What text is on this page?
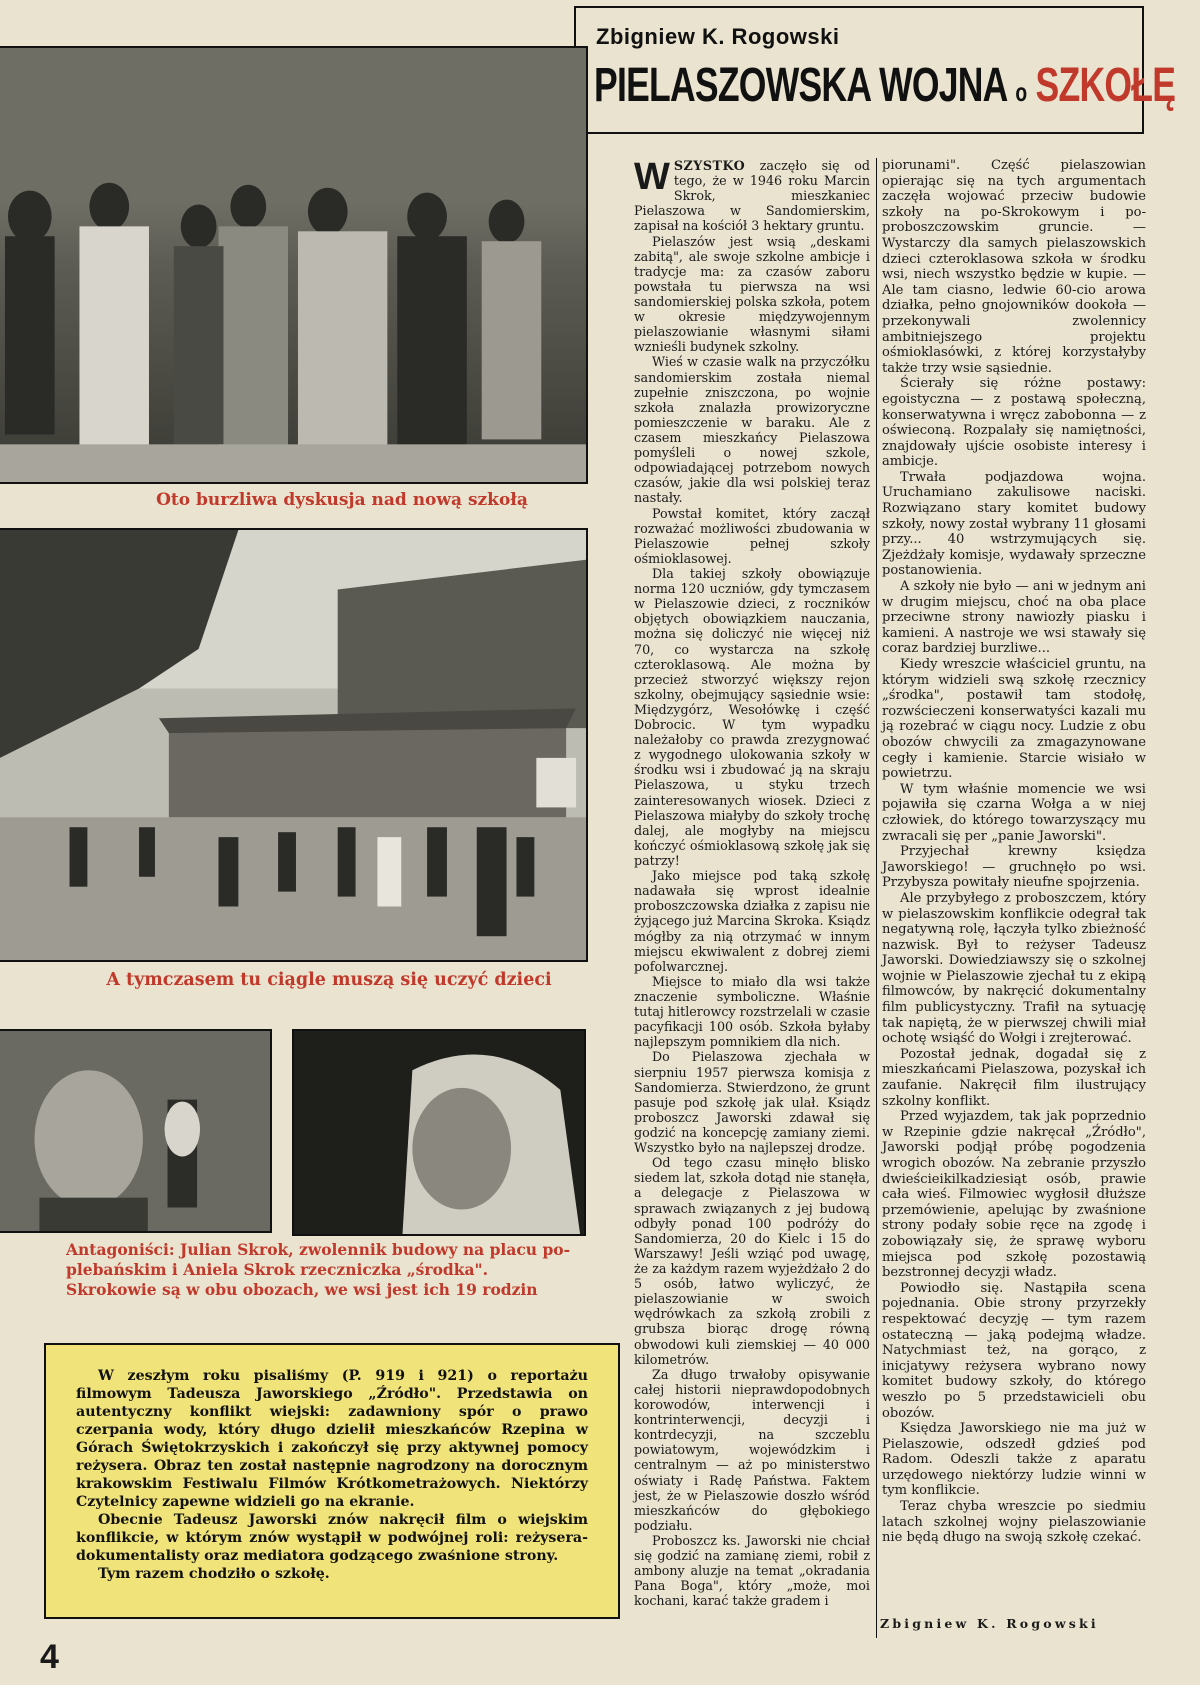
Zbigniew K. Rogowski
PIELASZOWSKA WOJNA o SZKOŁĘ
Oto burzliwa dyskusja nad nową szkołą
A tymczasem tu ciągle muszą się uczyć dzieci
Antagoniści: Julian Skrok, zwolennik budowy na placu po-plebańskim i Aniela Skrok rzeczniczka „środka". Skrokowie są w obu obozach, we wsi jest ich 19 rodzin

W zeszłym roku pisaliśmy (P. 919 i 921) o reportażu filmowym Tadeusza Jaworskiego „Źródło". Przedstawia on autentyczny konflikt wiejski: zadawniony spór o prawo czerpania wody, który długo dzielił mieszkańców Rzepina w Górach Świętokrzyskich i zakończył się przy aktywnej pomocy reżysera. Obraz ten został następnie nagrodzony na dorocznym krakowskim Festiwalu Filmów Krótkometrażowych. Niektórzy Czytelnicy zapewne widzieli go na ekranie.

Obecnie Tadeusz Jaworski znów nakręcił film o wiejskim konflikcie, w którym znów wystąpił w podwójnej roli: reżysera-dokumentalisty oraz mediatora godzącego zwaśnione strony.

Tym razem chodziło o szkołę.

WSZYSTKO zaczęło się od tego, że w 1946 roku Marcin Skrok, mieszkaniec Pielaszowa w Sandomierskim, zapisał na kościół 3 hektary gruntu.

Pielaszów jest wsią „deskami zabitą", ale swoje szkolne ambicje i tradycje ma: za czasów zaboru powstała tu pierwsza na wsi sandomierskiej polska szkoła, potem w okresie międzywojennym pielaszowianie własnymi siłami wznieśli budynek szkolny.

Wieś w czasie walk na przyczółku sandomierskim została niemal zupełnie zniszczona, po wojnie szkoła znalazła prowizoryczne pomieszczenie w baraku. Ale z czasem mieszkańcy Pielaszowa pomyśleli o nowej szkole, odpowiadającej potrzebom nowych czasów, jakie dla wsi polskiej teraz nastały.

Powstał komitet, który zaczął rozważać możliwości zbudowania w Pielaszowie pełnej szkoły ośmioklasowej.

Dla takiej szkoły obowiązuje norma 120 uczniów, gdy tymczasem w Pielaszowie dzieci, z roczników objętych obowiązkiem nauczania, można się doliczyć nie więcej niż 70, co wystarcza na szkołę czteroklasową. Ale można by przecież stworzyć większy rejon szkolny, obejmujący sąsiednie wsie: Międzygórz, Wesołówkę i część Dobrocic. W tym wypadku należałoby co prawda zrezygnować z wygodnego ulokowania szkoły w środku wsi i zbudować ją na skraju Pielaszowa, u styku trzech zainteresowanych wiosek. Dzieci z Pielaszowa miałyby do szkoły trochę dalej, ale mogłyby na miejscu kończyć ośmioklasową szkołę jak się patrzy!

Jako miejsce pod taką szkołę nadawała się wprost idealnie proboszczowska działka z zapisu nie żyjącego już Marcina Skroka. Ksiądz mógłby za nią otrzymać w innym miejscu ekwiwalent z dobrej ziemi pofolwarcznej.

Miejsce to miało dla wsi także znaczenie symboliczne. Właśnie tutaj hitlerowcy rozstrzelali w czasie pacyfikacji 100 osób. Szkoła byłaby najlepszym pomnikiem dla nich.

Do Pielaszowa zjechała w sierpniu 1957 pierwsza komisja z Sandomierza. Stwierdzono, że grunt pasuje pod szkołę jak ulał. Ksiądz proboszcz Jaworski zdawał się godzić na koncepcję zamiany ziemi. Wszystko było na najlepszej drodze.

Od tego czasu minęło blisko siedem lat, szkoła dotąd nie stanęła, a delegacje z Pielaszowa w sprawach związanych z jej budową odbyły ponad 100 podróży do Sandomierza, 20 do Kielc i 15 do Warszawy! Jeśli wziąć pod uwagę, że za każdym razem wyjeżdżało 2 do 5 osób, łatwo wyliczyć, że pielaszowianie w swoich wędrówkach za szkołą zrobili z grubsza biorąc drogę równą obwodowi kuli ziemskiej — 40 000 kilometrów.

Za długo trwałoby opisywanie całej historii nieprawdopodobnych korowodów, interwencji i kontrinterwencji, decyzji i kontrdecyzji, na szczeblu powiatowym, wojewódzkim i centralnym — aż po ministerstwo oświaty i Radę Państwa. Faktem jest, że w Pielaszowie doszło wśród mieszkańców do głębokiego podziału.

Proboszcz ks. Jaworski nie chciał się godzić na zamianę ziemi, robił z ambony aluzje na temat „okradania Pana Boga", który „może, moi kochani, karać także gradem i

piorunami". Część pielaszowian opierając się na tych argumentach zaczęła wojować przeciw budowie szkoły na po-Skrokowym i po-proboszczowskim gruncie. — Wystarczy dla samych pielaszowskich dzieci czteroklasowa szkoła w środku wsi, niech wszystko będzie w kupie. — Ale tam ciasno, ledwie 60-cio arowa działka, pełno gnojowników dookoła — przekonywali zwolennicy ambitniejszego projektu ośmioklasówki, z której korzystałyby także trzy wsie sąsiednie.

Ścierały się różne postawy: egoistyczna — z postawą społeczną, konserwatywna i wręcz zabobonna — z oświeconą. Rozpalały się namiętności, znajdowały ujście osobiste interesy i ambicje.

Trwała podjazdowa wojna. Uruchamiano zakulisowe naciski. Rozwiązano stary komitet budowy szkoły, nowy został wybrany 11 głosami przy... 40 wstrzymujących się. Zjeżdżały komisje, wydawały sprzeczne postanowienia.

A szkoły nie było — ani w jednym ani w drugim miejscu, choć na oba place przeciwne strony nawiozły piasku i kamieni. A nastroje we wsi stawały się coraz bardziej burzliwe...

Kiedy wreszcie właściciel gruntu, na którym widzieli swą szkołę rzecznicy „środka", postawił tam stodołę, rozwścieczeni konserwatyści kazali mu ją rozebrać w ciągu nocy. Ludzie z obu obozów chwycili za zmagazynowane cegły i kamienie. Starcie wisiało w powietrzu.

W tym właśnie momencie we wsi pojawiła się czarna Wołga a w niej człowiek, do którego towarzyszący mu zwracali się per „panie Jaworski".

Przyjechał krewny księdza Jaworskiego! — gruchnęło po wsi. Przybysza powitały nieufne spojrzenia.

Ale przybyłego z proboszczem, który w pielaszowskim konflikcie odegrał tak negatywną rolę, łączyła tylko zbieżność nazwisk. Był to reżyser Tadeusz Jaworski. Dowiedziawszy się o szkolnej wojnie w Pielaszowie zjechał tu z ekipą filmowców, by nakręcić dokumentalny film publicystyczny. Trafił na sytuację tak napiętą, że w pierwszej chwili miał ochotę wsiąść do Wołgi i zrejterować.

Pozostał jednak, dogadał się z mieszkańcami Pielaszowa, pozyskał ich zaufanie. Nakręcił film ilustrujący szkolny konflikt.

Przed wyjazdem, tak jak poprzednio w Rzepinie gdzie nakręcał „Źródło", Jaworski podjął próbę pogodzenia wrogich obozów. Na zebranie przyszło dwieścieikilkadziesiąt osób, prawie cała wieś. Filmowiec wygłosił dłuższe przemówienie, apelując by zwaśnione strony podały sobie ręce na zgodę i zobowiązały się, że sprawę wyboru miejsca pod szkołę pozostawią bezstronnej decyzji władz.

Powiodło się. Nastąpiła scena pojednania. Obie strony przyrzekły respektować decyzję — tym razem ostateczną — jaką podejmą władze. Natychmiast też, na gorąco, z inicjatywy reżysera wybrano nowy komitet budowy szkoły, do którego weszło po 5 przedstawicieli obu obozów.

Księdza Jaworskiego nie ma już w Pielaszowie, odszedł gdzieś pod Radom. Odeszli także z aparatu urzędowego niektórzy ludzie winni w tym konflikcie.

Teraz chyba wreszcie po siedmiu latach szkolnej wojny pielaszowianie nie będą długo na swoją szkołę czekać.

Zbigniew K. Rogowski
4
